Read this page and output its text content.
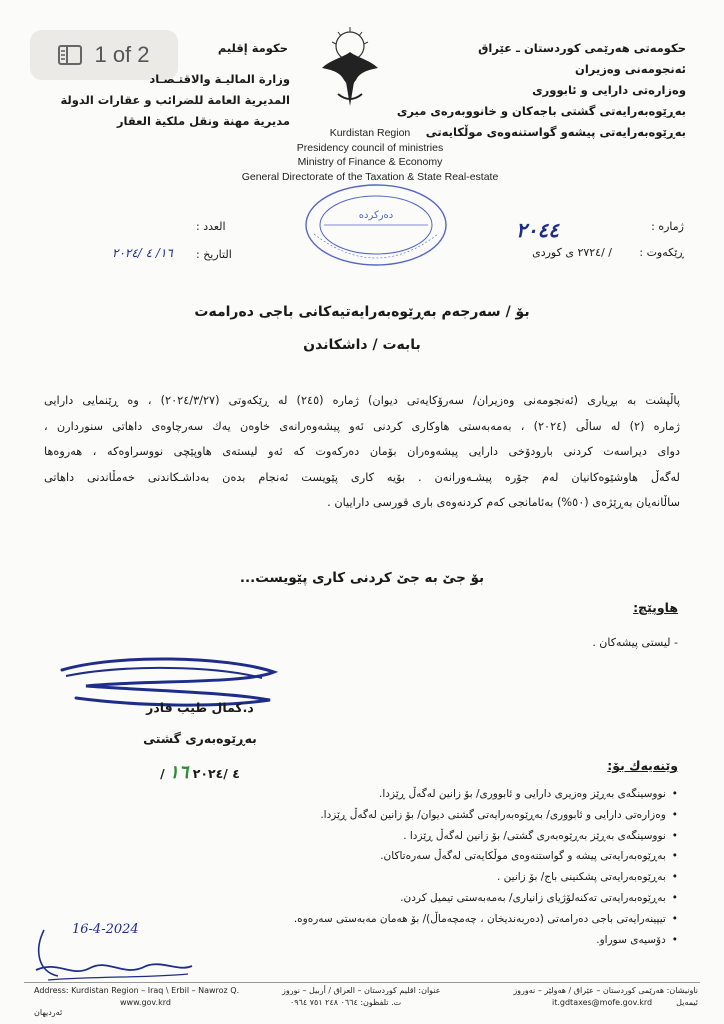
1 of 2	حكومەتی هەرێمی كوردستان ـ عێراق
ئەنجومەنی وەزیران
وەزارەتی دارایی و ئابووری
بەڕێوەبەرایەتی گشتی باجەكان و خانووبەرەی میری
بەڕێوەبەرایەتی پیشەو گواستنەوەی موڵكایەتی
حكومة إقليم
وزارة الماليـة والاقتـصـاد
المديرية العامة للضرائب و عقارات الدولة
مديرية مهنة ونقل ملكية العقار
Kurdistan Region
Presidency council of ministries
Ministry of Finance & Economy
General Directorate of the Taxation & State Real-estate
دەرکرده
ژمارە :
٢٠٤٤
ڕێكەوت :
/ /٢٧٢٤ ی كوردی
العدد :
التاريخ :
١٦/ ٤ /٢٠٢٤
بۆ / سەرجەم بەڕێوەبەرایەتیەكانی باجی دەرامەت
بابەت / داشكاندن
پاڵپشت بە بڕیاری (ئەنجومەنی وەزیران/ سەرۆكایەتی دیوان) ژمارە (٢٤٥) لە ڕێكەوتی (٢٠٢٤/٣/٢٧) ، وە ڕێنمایی دارایی
ژمارە (٢) لە ساڵی (٢٠٢٤) ، بەمەبەستی هاوكاری كردنی ئەو پیشەوەرانەی خاوەن یەك سەرچاوەی داهاتی سنوردارن ،
دوای دیراسەت كردنی بارودۆخی دارایی پیشەوەران بۆمان دەركەوت كە ئەو لیستەی هاوپێچی نووسراوەكە ، هەروەها
لەگەڵ هاوشێوەكانیان لەم جۆرە پیشـەورانەن . بۆیە كاری پێویست ئەنجام بدەن بەداشـكاندنی خەمڵاندنی داهاتی
ساڵانەیان بەڕێژەی (٥٠%) بەئامانجی كەم كردنەوەی باری قورسی داراییان .
بۆ جێ بە جێ كردنی كاری پێویست...
هاوپێچ:
- لیستی پیشەكان .
د.كمال طيب قادر
بەڕێوەبەری گشتی
/ ٤ /٢٠٢٤ ١٦	وێنەیەك بۆ:
• نووسینگەی بەڕێز وەزیری دارایی و ئابووری/ بۆ زانین لەگەڵ ڕێزدا.
• وەزارەتی دارایی و ئابووری/ بەڕێوەبەرایەتی گشتی دیوان/ بۆ زانین لەگەڵ ڕێزدا.
• نووسینگەی بەڕێز بەڕێوەبەری گشتی/ بۆ زانین لەگەڵ ڕێزدا .
• بەڕێوەبەرایەتی پیشە و گواستنەوەی موڵكایەتی لەگەڵ سەرەتاكان.
• بەڕێوەبەرایەتی پشكنینی باج/ بۆ زانین .
• بەڕێوەبەرایەتی تەكنەلۆژیای زانیاری/ بەمەبەستی تیمیل كردن.
• تیپینەرایەتی باجی دەرامەتی (دەربەندیخان ، چەمچەماڵ)/ بۆ هەمان مەبەستی سەرەوە.
• دۆسیەی سوراو.
16-4-2024
Address: Kurdistan Region – Iraq \ Erbil – Nawroz Q.
www.gov.krd
ئەرديهان
عنوان: اقليم كوردستان – العراق / أربيل – نوروز
ت. تلفظون: ٠٦٦٤ ٢٤٨ ٧٥١ ٠٩٦٤
ناونیشان: هەرێمی كوردستان – عێراق / هەولێر – نەوروز
ئیمەیل
it.gdtaxes@mofe.gov.krd
